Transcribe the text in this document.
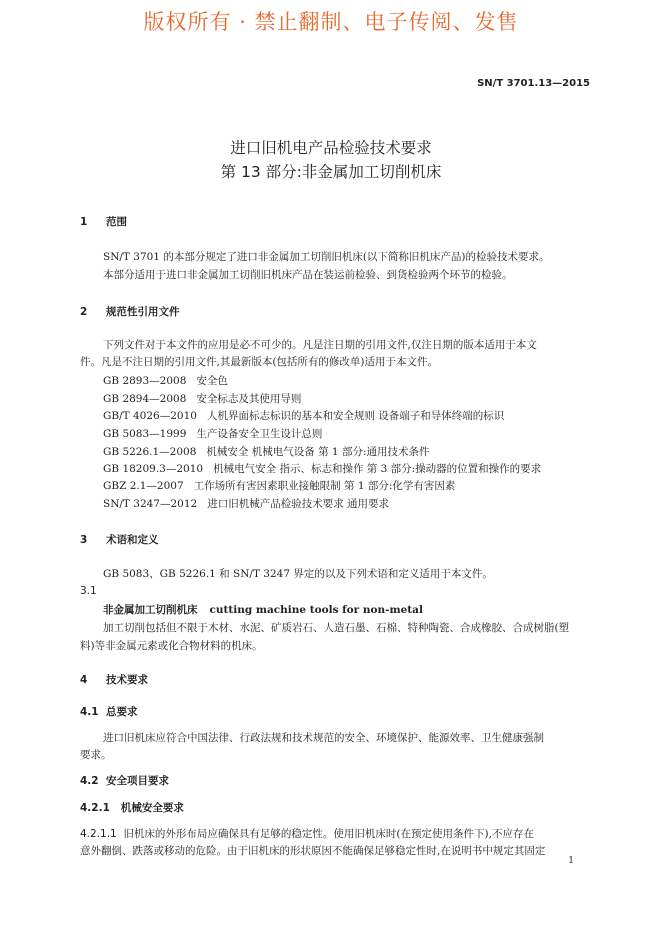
版权所有 · 禁止翻制、电子传阅、发售
SN/T 3701.13—2015
进口旧机电产品检验技术要求
第 13 部分:非金属加工切削机床
1 范围
SN/T 3701 的本部分规定了进口非金属加工切削旧机床(以下简称旧机床产品)的检验技术要求。
本部分适用于进口非金属加工切削旧机床产品在装运前检验、到货检验两个环节的检验。
2 规范性引用文件
下列文件对于本文件的应用是必不可少的。凡是注日期的引用文件,仅注日期的版本适用于本文
件。凡是不注日期的引用文件,其最新版本(包括所有的修改单)适用于本文件。
GB 2893—2008 安全色
GB 2894—2008 安全标志及其使用导则
GB/T 4026—2010 人机界面标志标识的基本和安全规则 设备端子和导体终端的标识
GB 5083—1999 生产设备安全卫生设计总则
GB 5226.1—2008 机械安全 机械电气设备 第 1 部分:通用技术条件
GB 18209.3—2010 机械电气安全 指示、标志和操作 第 3 部分:操动器的位置和操作的要求
GBZ 2.1—2007 工作场所有害因素职业接触限制 第 1 部分:化学有害因素
SN/T 3247—2012 进口旧机械产品检验技术要求 通用要求
3 术语和定义
GB 5083、GB 5226.1 和 SN/T 3247 界定的以及下列术语和定义适用于本文件。
3.1
非金属加工切削机床 cutting machine tools for non-metal
加工切削包括但不限于木材、水泥、矿质岩石、人造石墨、石棉、特种陶瓷、合成橡胶、合成树脂(塑
料)等非金属元素或化合物材料的机床。
4 技术要求
4.1 总要求
进口旧机床应符合中国法律、行政法规和技术规范的安全、环境保护、能源效率、卫生健康强制
要求。
4.2 安全项目要求
4.2.1 机械安全要求
4.2.1.1 旧机床的外形布局应确保具有足够的稳定性。使用旧机床时(在预定使用条件下),不应存在
意外翻倒、跌落或移动的危险。由于旧机床的形状原因不能确保足够稳定性时,在说明书中规定其固定
1
